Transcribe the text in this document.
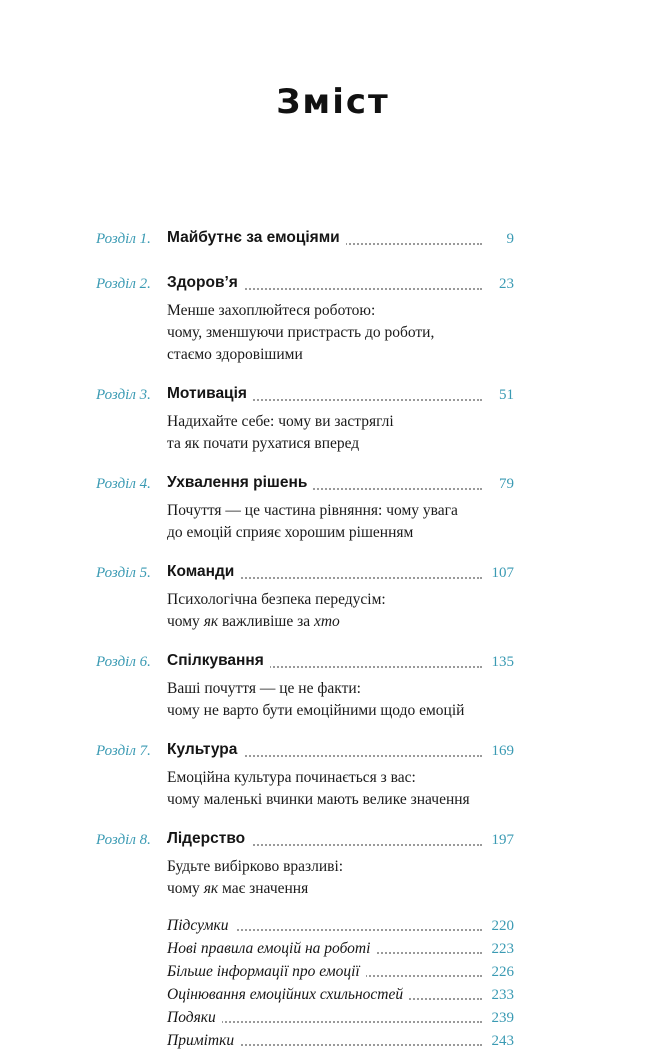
Зміст
Розділ 1.	Майбутнє за емоціями	9
Розділ 2.	Здоров’я	23
Менше захоплюйтеся роботою:
чому, зменшуючи пристрасть до роботи,
стаємо здоровішими
Розділ 3.	Мотивація	51
Надихайте себе: чому ви застряглі
та як почати рухатися вперед
Розділ 4.	Ухвалення рішень	79
Почуття — це частина рівняння: чому увага
до емоцій сприяє хорошим рішенням
Розділ 5.	Команди	107
Психологічна безпека передусім:
чому як важливіше за хто
Розділ 6.	Спілкування	135
Ваші почуття — це не факти:
чому не варто бути емоційними щодо емоцій
Розділ 7.	Культура	169
Емоційна культура починається з вас:
чому маленькі вчинки мають велике значення
Розділ 8.	Лідерство	197
Будьте вибірково вразливі:
чому як має значення
Підсумки	220
Нові правила емоцій на роботі	223
Більше інформації про емоції	226
Оцінювання емоційних схильностей	233
Подяки	239
Примітки	243
